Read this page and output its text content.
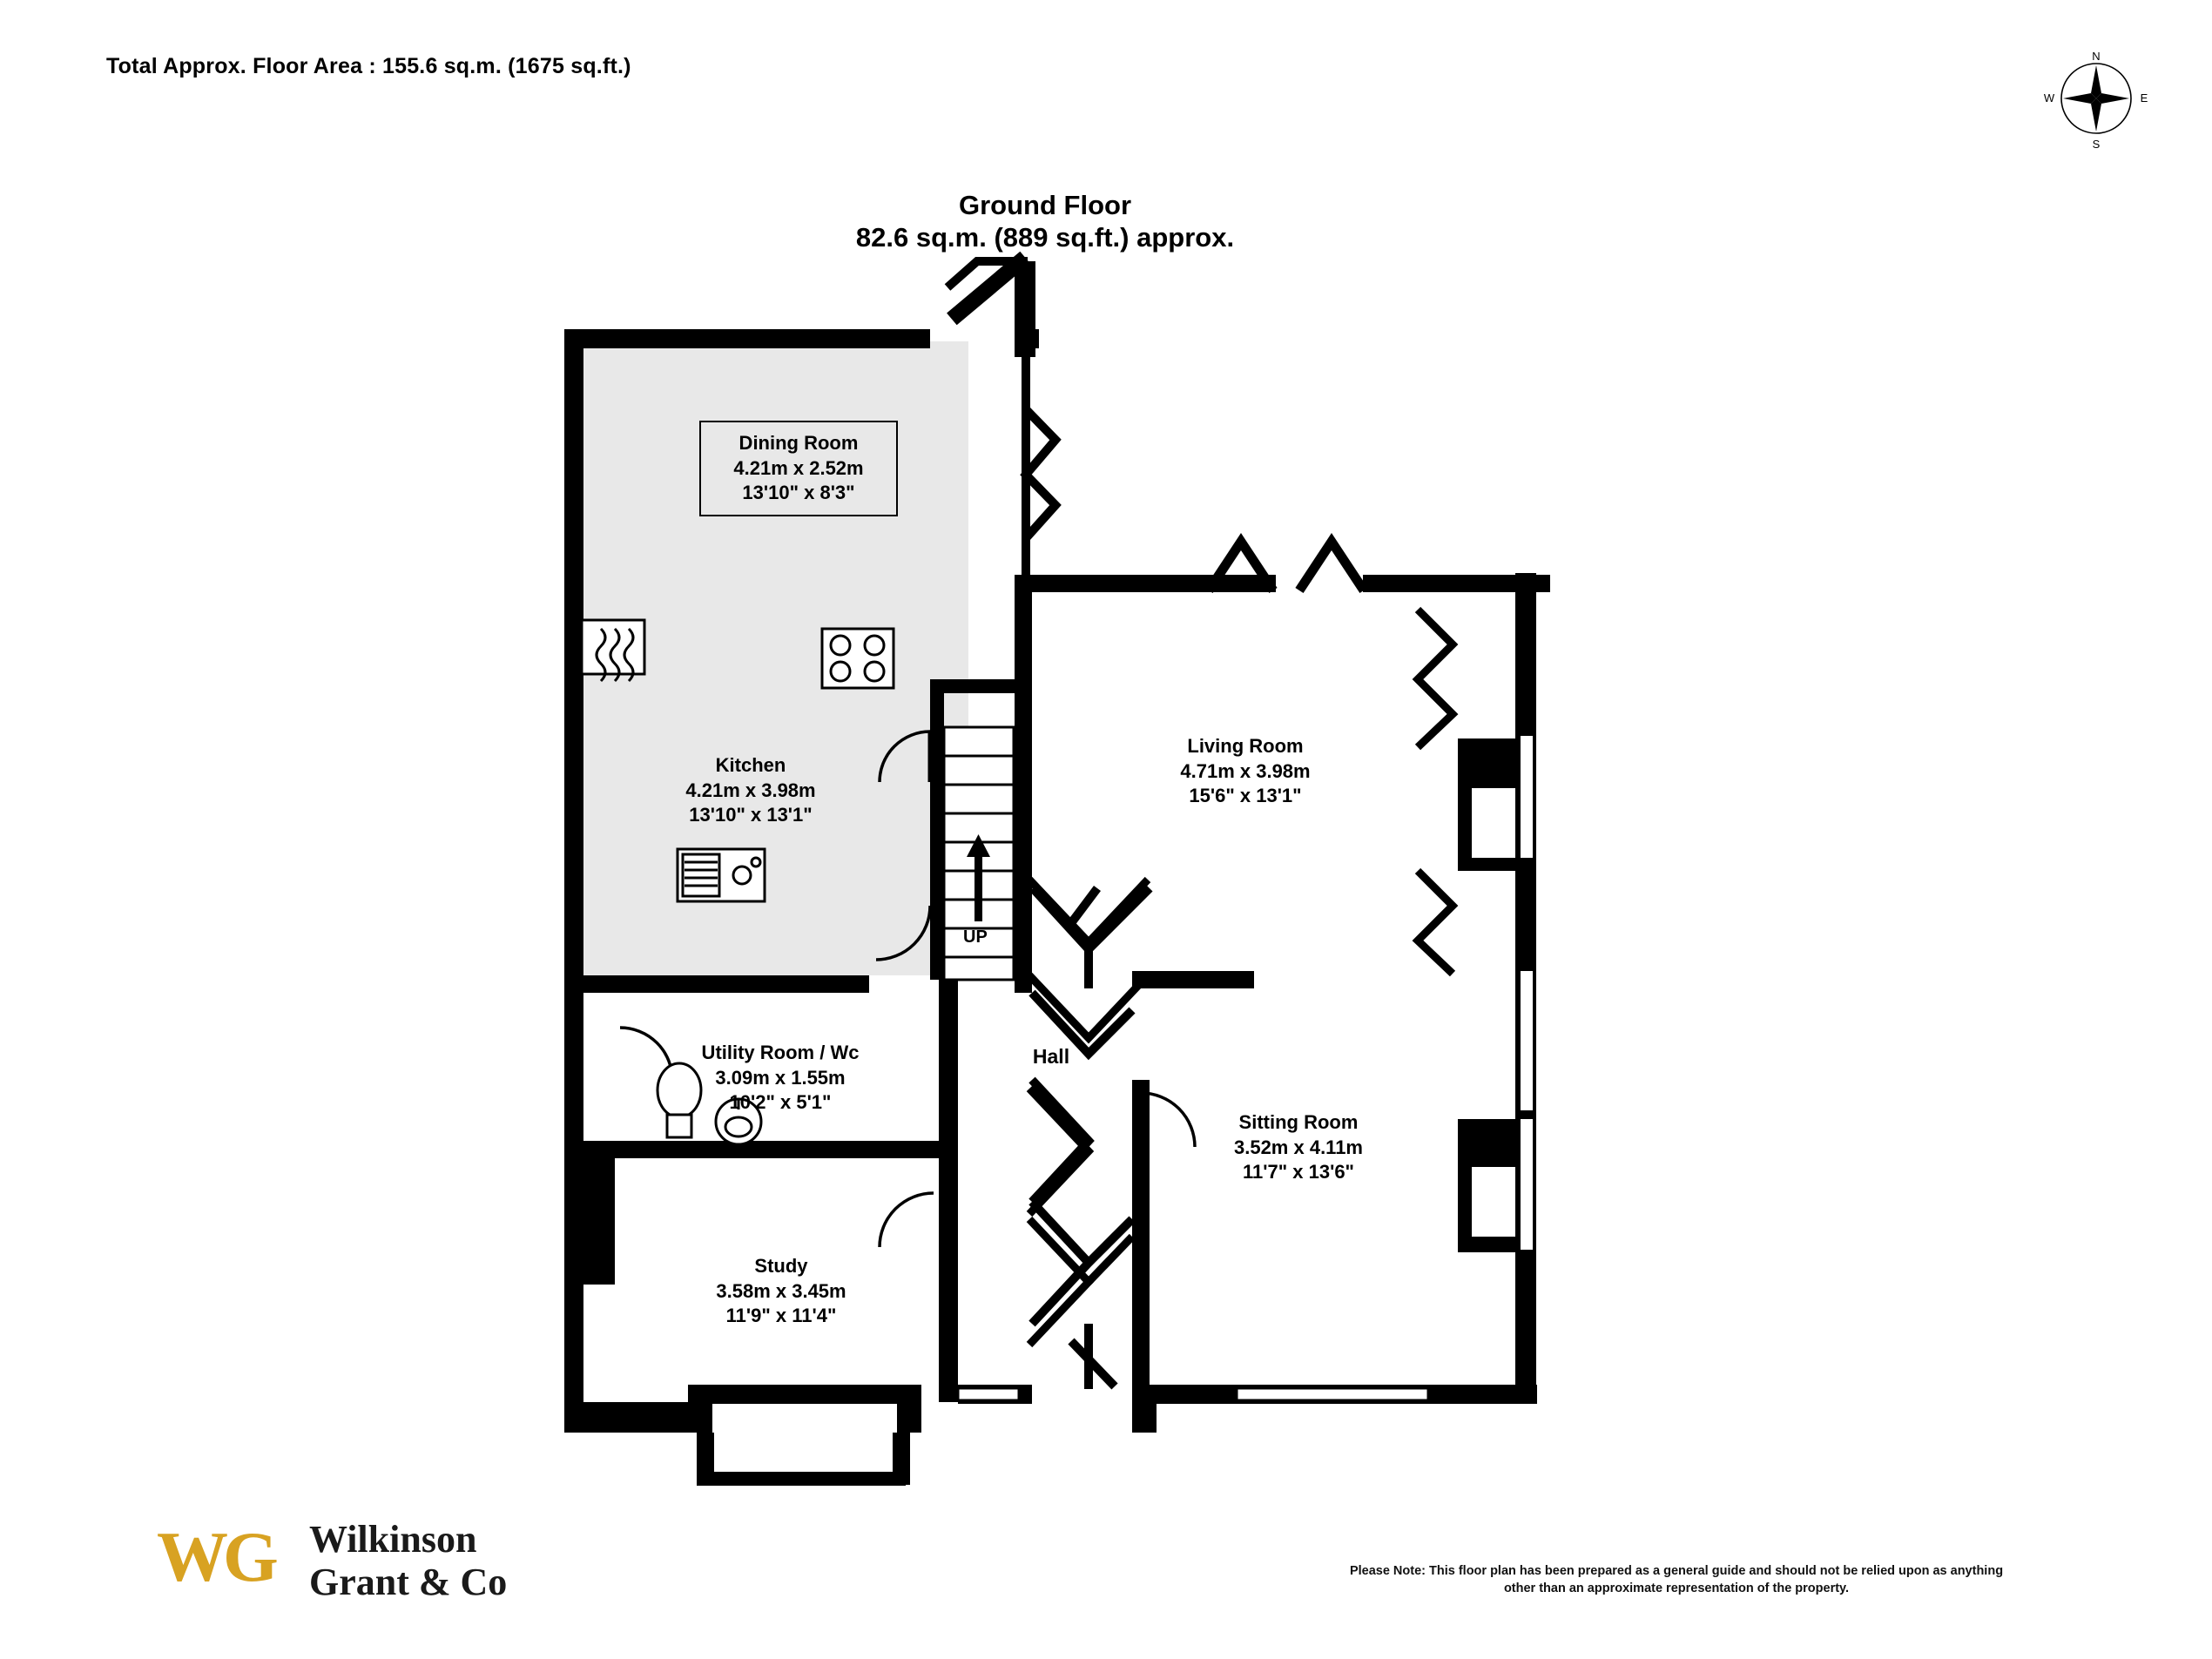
Total Approx. Floor Area : 155.6 sq.m. (1675 sq.ft.)
Ground Floor
82.6 sq.m. (889 sq.ft.) approx.
N
E
S
W
Dining Room
4.21m x 2.52m
13'10" x 8'3"
Kitchen
4.21m x 3.98m
13'10" x 13'1"
Living Room
4.71m x 3.98m
15'6" x 13'1"
Utility Room / Wc
3.09m x 1.55m
10'2" x 5'1"
Sitting Room
3.52m x 4.11m
11'7" x 13'6"
Study
3.58m x 3.45m
11'9" x 11'4"
Hall
UP
WG Wilkinson
Grant & Co	Please Note: This floor plan has been prepared as a general guide and should not be relied upon as anything other than an approximate representation of the property.
